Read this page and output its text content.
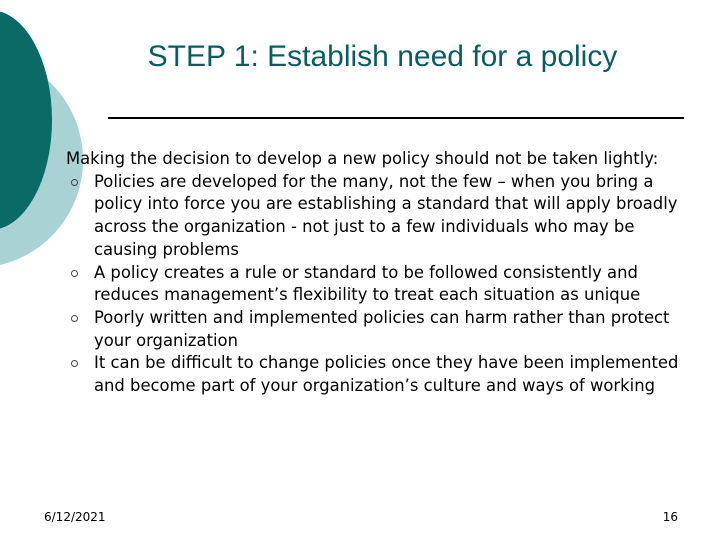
STEP 1: Establish need for a policy

Making the decision to develop a new policy should not be taken lightly:

Policies are developed for the many, not the few – when you bring a policy into force you are establishing a standard that will apply broadly across the organization - not just to a few individuals who may be causing problems
A policy creates a rule or standard to be followed consistently and reduces management’s flexibility to treat each situation as unique
Poorly written and implemented policies can harm rather than protect your organization
It can be difficult to change policies once they have been implemented and become part of your organization’s culture and ways of working
6/12/2021	16
